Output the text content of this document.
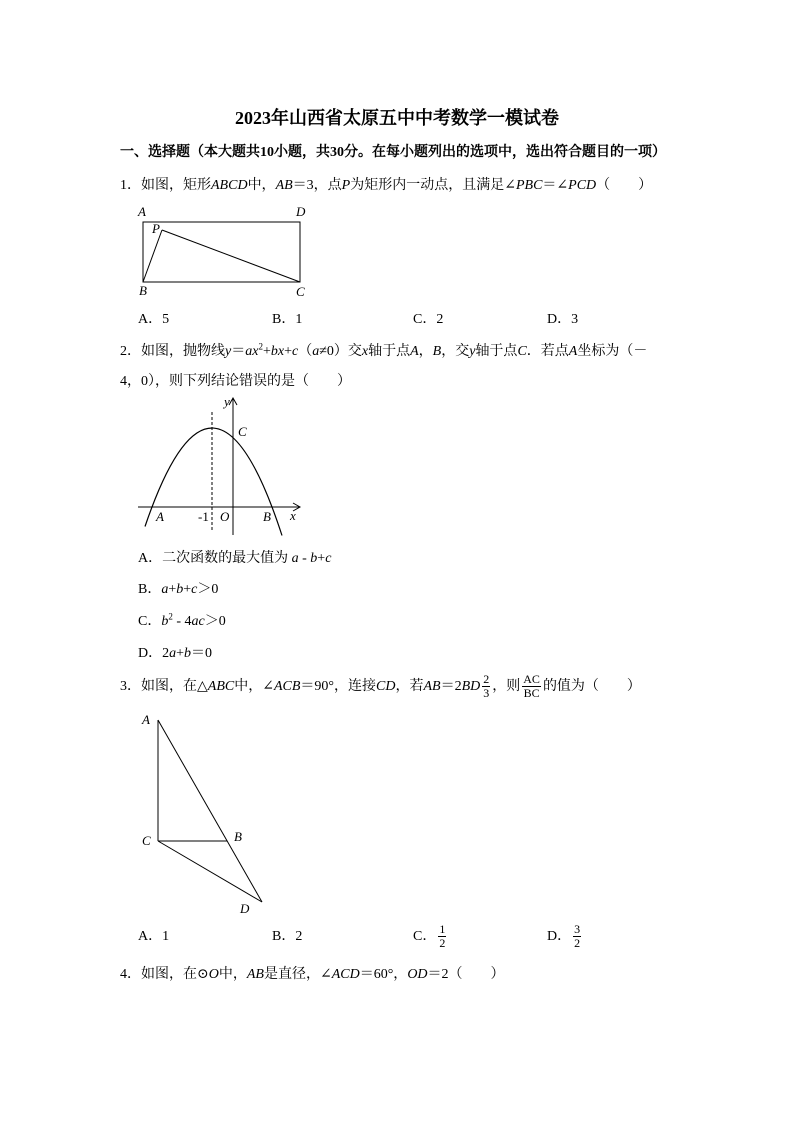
2023年山西省太原五中中考数学一模试卷
一、选择题（本大题共10小题，共30分。在每小题列出的选项中，选出符合题目的一项）
1．如图，矩形ABCD中，AB＝3，点P为矩形内一动点，且满足∠PBC＝∠PCD（　　）
A	D
P
B	C
A．5	B．1	C．2	D．3
2．如图，抛物线$y=ax^2+bx+c(a\ne 0)$交x轴于点A，B，交y轴于点C．若点A坐标为（－
4，0），则下列结论错误的是（　　）
y
C
A	-1 O	B x
A．二次函数的最大值为 a - b+c
B．a+b+c＞0
C．$b^2 - 4ac>0$
D．2a+b＝0
3．如图，在△ABC中，∠ACB＝90°，连接CD，若$AB=2BD \frac{2}{3}$ ，则 $\frac{AC}{BC}$ 的值为（　　）
A
C	B
D
A．1	B．2	C． $\frac{1}{2}$	D． $\frac{3}{2}$
4．如图，在⊙O中，AB是直径，∠ACD＝60°，OD＝2（　　）
